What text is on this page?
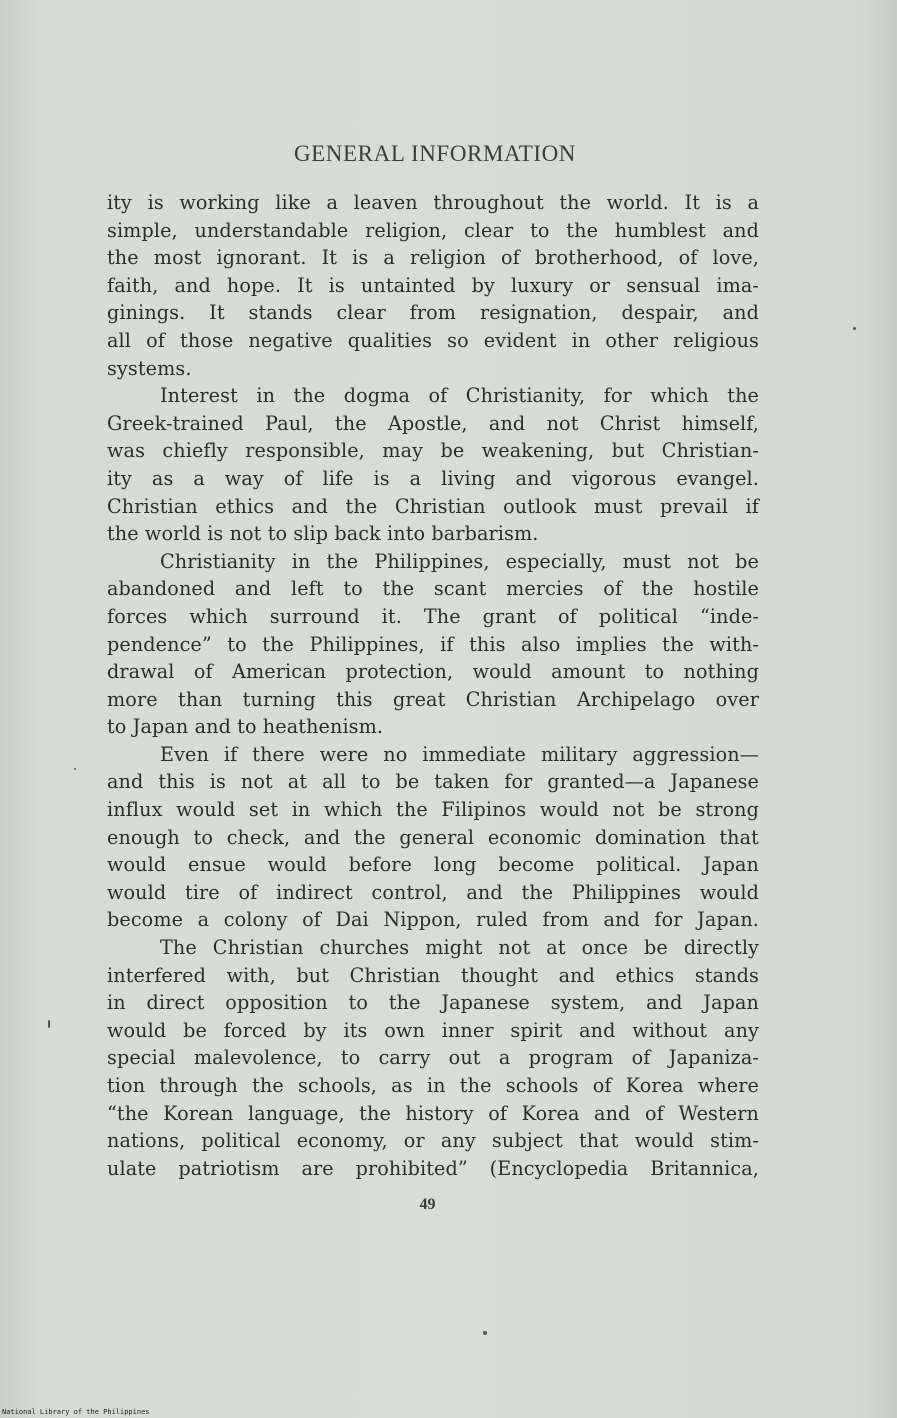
GENERAL INFORMATION
ity is working like a leaven throughout the world. It is a
simple, understandable religion, clear to the humblest and
the most ignorant. It is a religion of brotherhood, of love,
faith, and hope. It is untainted by luxury or sensual ima-
ginings. It stands clear from resignation, despair, and
all of those negative qualities so evident in other religious
systems.
Interest in the dogma of Christianity, for which the
Greek-trained Paul, the Apostle, and not Christ himself,
was chiefly responsible, may be weakening, but Christian-
ity as a way of life is a living and vigorous evangel.
Christian ethics and the Christian outlook must prevail if
the world is not to slip back into barbarism.
Christianity in the Philippines, especially, must not be
abandoned and left to the scant mercies of the hostile
forces which surround it. The grant of political “inde-
pendence” to the Philippines, if this also implies the with-
drawal of American protection, would amount to nothing
more than turning this great Christian Archipelago over
to Japan and to heathenism.
Even if there were no immediate military aggression—
and this is not at all to be taken for granted—a Japanese
influx would set in which the Filipinos would not be strong
enough to check, and the general economic domination that
would ensue would before long become political. Japan
would tire of indirect control, and the Philippines would
become a colony of Dai Nippon, ruled from and for Japan.
The Christian churches might not at once be directly
interfered with, but Christian thought and ethics stands
in direct opposition to the Japanese system, and Japan
would be forced by its own inner spirit and without any
special malevolence, to carry out a program of Japaniza-
tion through the schools, as in the schools of Korea where
“the Korean language, the history of Korea and of Western
nations, political economy, or any subject that would stim-
ulate patriotism are prohibited” (Encyclopedia Britannica,
49
National Library of the Philippines
